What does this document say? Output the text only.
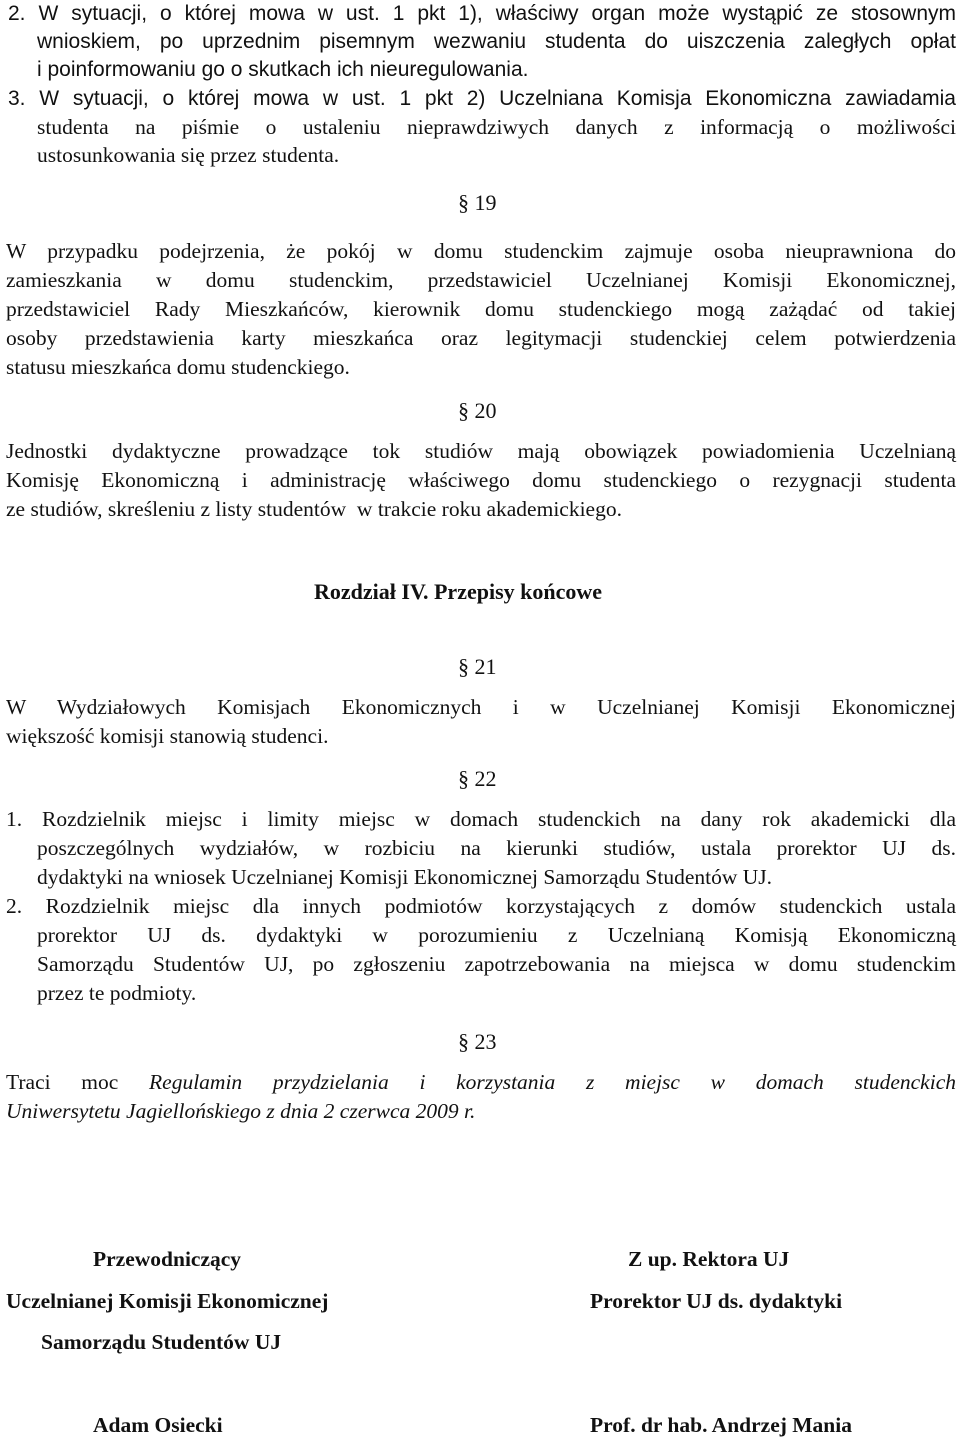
2. W sytuacji, o której mowa w ust. 1 pkt 1), właściwy organ może wystąpić ze stosownym
wnioskiem, po uprzednim pisemnym wezwaniu studenta do uiszczenia zaległych opłat
i poinformowaniu go o skutkach ich nieuregulowania.
3. W sytuacji, o której mowa w ust. 1 pkt 2) Uczelniana Komisja Ekonomiczna zawiadamia
studenta na piśmie o ustaleniu nieprawdziwych danych z informacją o możliwości
ustosunkowania się przez studenta.
§ 19
W przypadku podejrzenia, że pokój w domu studenckim zajmuje osoba nieuprawniona do
zamieszkania w domu studenckim, przedstawiciel Uczelnianej Komisji Ekonomicznej,
przedstawiciel Rady Mieszkańców, kierownik domu studenckiego mogą zażądać od takiej
osoby przedstawienia karty mieszkańca oraz legitymacji studenckiej celem potwierdzenia
statusu mieszkańca domu studenckiego.
§ 20
Jednostki dydaktyczne prowadzące tok studiów mają obowiązek powiadomienia Uczelnianą
Komisję Ekonomiczną i administrację właściwego domu studenckiego o rezygnacji studenta
ze studiów, skreśleniu z listy studentów  w trakcie roku akademickiego.
Rozdział IV. Przepisy końcowe
§ 21
W Wydziałowych Komisjach Ekonomicznych i w Uczelnianej Komisji Ekonomicznej
większość komisji stanowią studenci.
§ 22
1. Rozdzielnik miejsc i limity miejsc w domach studenckich na dany rok akademicki dla
poszczególnych wydziałów, w rozbiciu na kierunki studiów, ustala prorektor UJ ds.
dydaktyki na wniosek Uczelnianej Komisji Ekonomicznej Samorządu Studentów UJ.
2. Rozdzielnik miejsc dla innych podmiotów korzystających z domów studenckich ustala
prorektor UJ ds. dydaktyki w porozumieniu z Uczelnianą Komisją Ekonomiczną
Samorządu Studentów UJ, po zgłoszeniu zapotrzebowania na miejsca w domu studenckim
przez te podmioty.
§ 23
Traci moc Regulamin przydzielania i korzystania z miejsc w domach studenckich
Uniwersytetu Jagiellońskiego z dnia 2 czerwca 2009 r.
Przewodniczący
Uczelnianej Komisji Ekonomicznej
Samorządu Studentów UJ
Adam Osiecki
Z up. Rektora UJ
Prorektor UJ ds. dydaktyki
Prof. dr hab. Andrzej Mania
